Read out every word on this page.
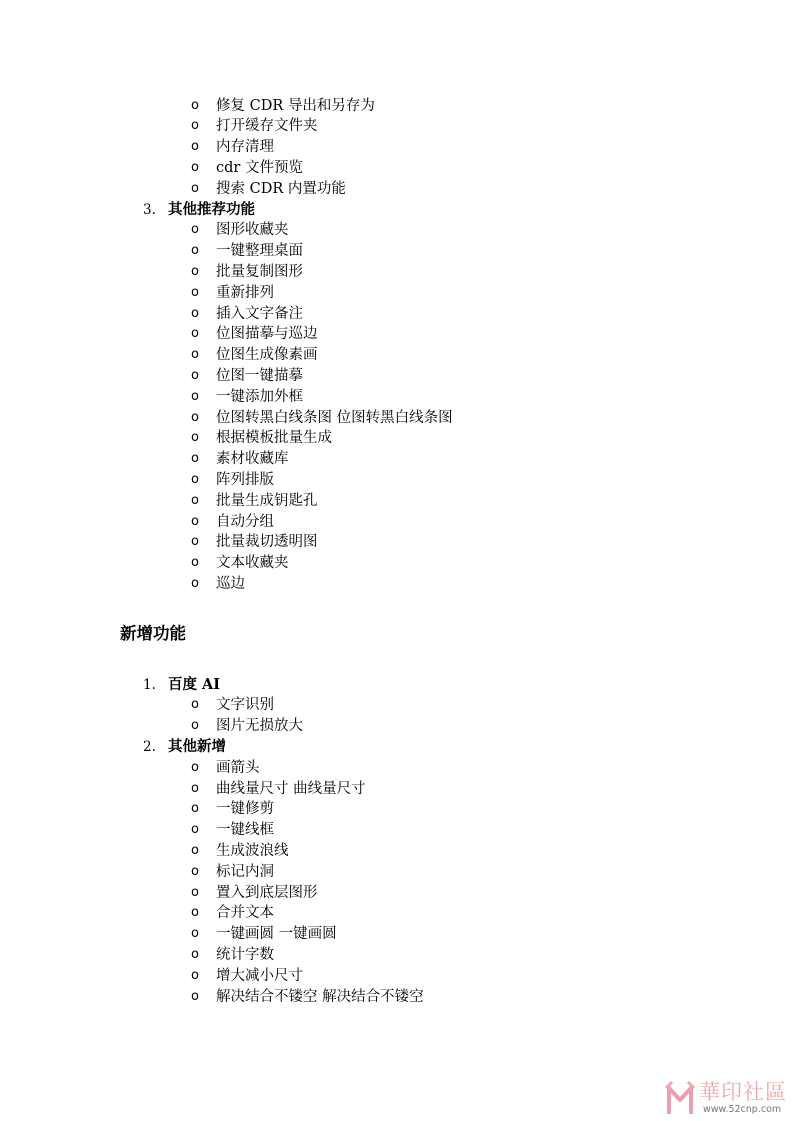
o 修复 CDR 导出和另存为
o 打开缓存文件夹
o 内存清理
o cdr 文件预览
o 搜索 CDR 内置功能
3. 其他推荐功能
o 图形收藏夹
o 一键整理桌面
o 批量复制图形
o 重新排列
o 插入文字备注
o 位图描摹与巡边
o 位图生成像素画
o 位图一键描摹
o 一键添加外框
o 位图转黑白线条图 位图转黑白线条图
o 根据模板批量生成
o 素材收藏库
o 阵列排版
o 批量生成钥匙孔
o 自动分组
o 批量裁切透明图
o 文本收藏夹
o 巡边
新增功能
1. 百度 AI
o 文字识别
o 图片无损放大
2. 其他新增
o 画箭头
o 曲线量尺寸 曲线量尺寸
o 一键修剪
o 一键线框
o 生成波浪线
o 标记内洞
o 置入到底层图形
o 合并文本
o 一键画圆 一键画圆
o 统计字数
o 增大减小尺寸
o 解决结合不镂空 解决结合不镂空
華印社區
www.52cnp.com
